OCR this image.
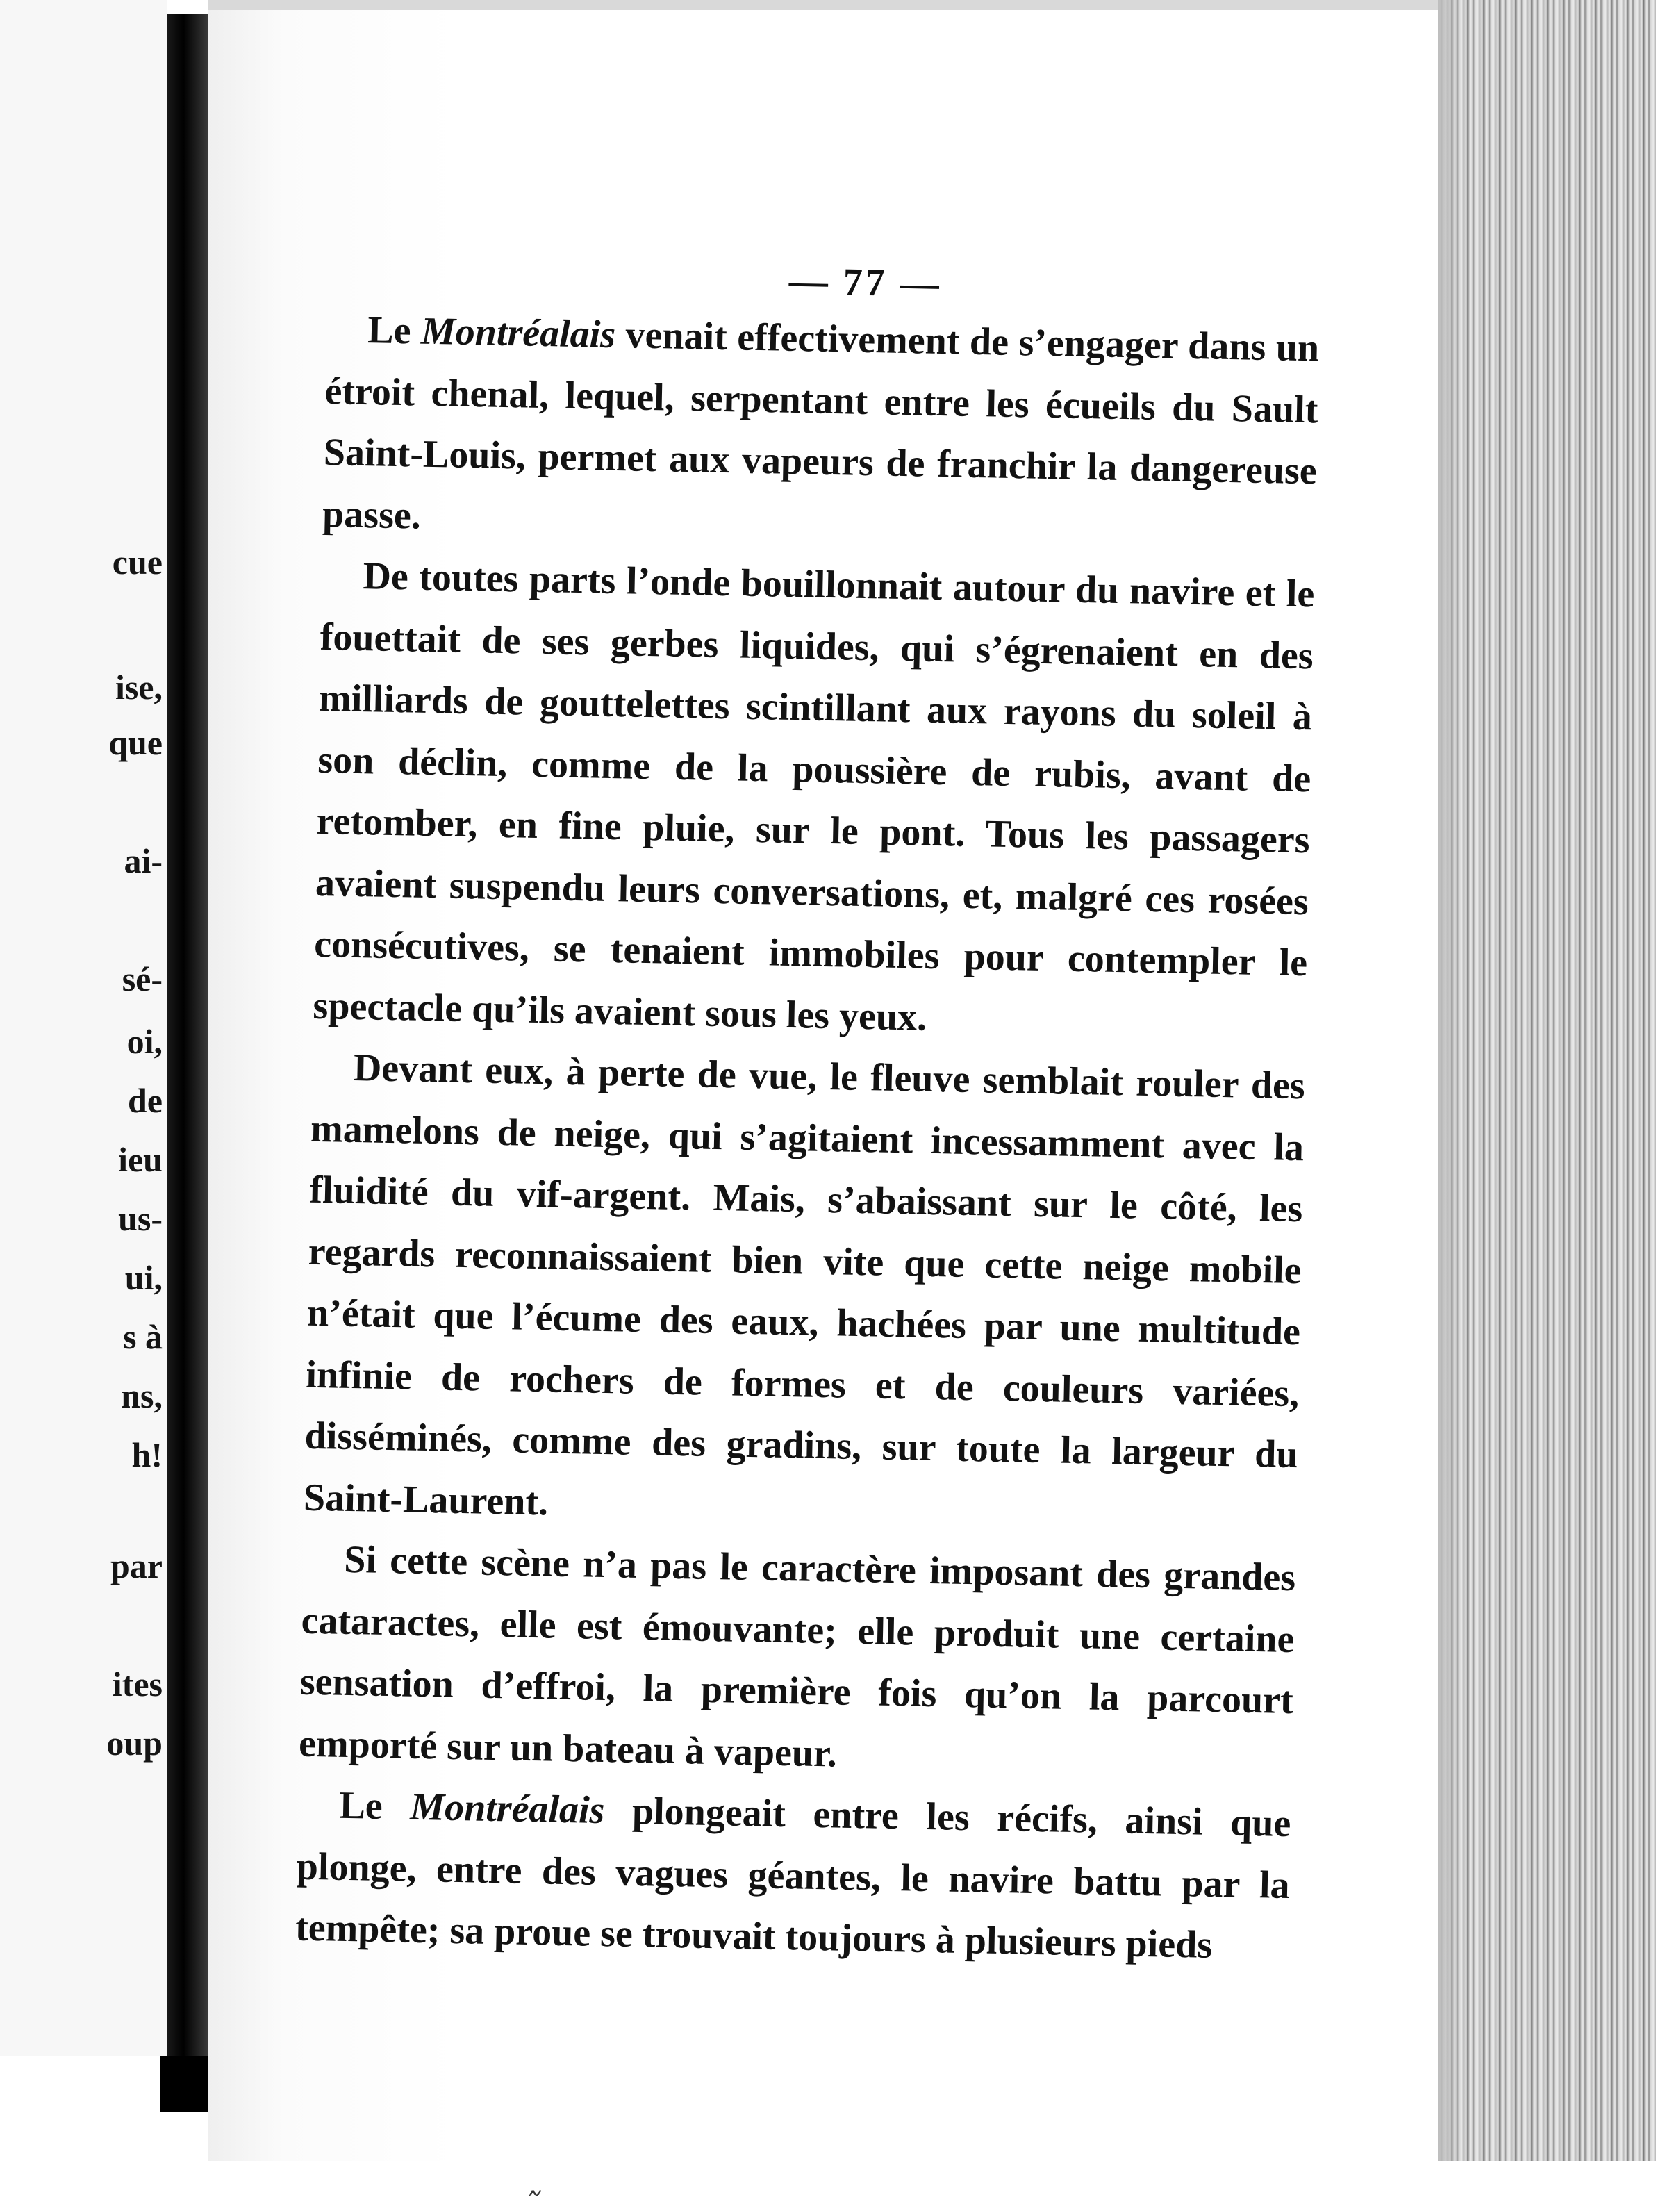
cue
ise,
que
ai-
sé-
oi,
de
ieu
us-
ui,
s à
ns,
h!
par
ites
oup
— 77 —

Le Montréalais venait effectivement de s’engager dans un étroit chenal, lequel, serpentant entre les écueils du Sault Saint-Louis, permet aux vapeurs de franchir la dangereuse passe.

De toutes parts l’onde bouillonnait autour du navire et le fouettait de ses gerbes liquides, qui s’égrenaient en des milliards de gouttelettes scintillant aux rayons du soleil à son déclin, comme de la poussière de rubis, avant de retomber, en fine pluie, sur le pont. Tous les passagers avaient suspendu leurs conversations, et, malgré ces rosées consécutives, se tenaient immobiles pour contempler le spectacle qu’ils avaient sous les yeux.

Devant eux, à perte de vue, le fleuve semblait rouler des mamelons de neige, qui s’agitaient incessamment avec la fluidité du vif-argent. Mais, s’abaissant sur le côté, les regards reconnaissaient bien vite que cette neige mobile n’était que l’écume des eaux, hachées par une multitude infinie de rochers de formes et de couleurs variées, disséminés, comme des gradins, sur toute la largeur du Saint-Laurent.

Si cette scène n’a pas le caractère imposant des grandes cataractes, elle est émouvante; elle produit une certaine sensation d’effroi, la première fois qu’on la parcourt emporté sur un bateau à vapeur.

Le Montréalais plongeait entre les récifs, ainsi que plonge, entre des vagues géantes, le navire battu par la tempête; sa proue se trouvait toujours à plusieurs pieds
